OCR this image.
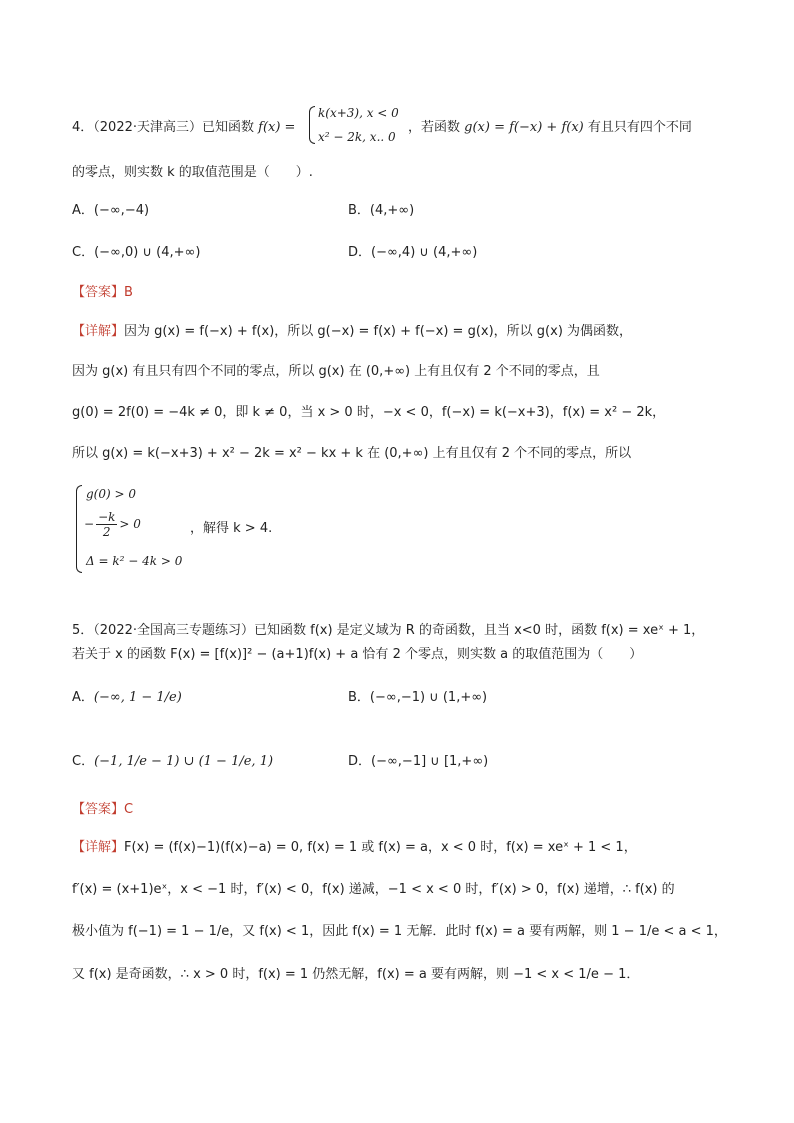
4．（2022·天津高三）已知函数 f(x) =
k(x+3), x < 0
x² − 2k, x.. 0
，若函数 g(x) = f(−x) + f(x) 有且只有四个不同
的零点，则实数 k 的取值范围是（　　）.
A．(−∞,−4)	B．(4,+∞)
C．(−∞,0) ∪ (4,+∞)	D．(−∞,4) ∪ (4,+∞)
【答案】B
【详解】因为 g(x) = f(−x) + f(x)，所以 g(−x) = f(x) + f(−x) = g(x)，所以 g(x) 为偶函数，
因为 g(x) 有且只有四个不同的零点，所以 g(x) 在 (0,+∞) 上有且仅有 2 个不同的零点，且
g(0) = 2f(0) = −4k ≠ 0，即 k ≠ 0，当 x > 0 时，−x < 0，f(−x) = k(−x+3)，f(x) = x² − 2k，
所以 g(x) = k(−x+3) + x² − 2k = x² − kx + k 在 (0,+∞) 上有且仅有 2 个不同的零点，所以
g(0) > 0
− $\frac{-k}{2} > 0$
Δ = k² − 4k > 0
，解得 k > 4.
5．（2022·全国高三专题练习）已知函数 f(x) 是定义域为 R 的奇函数，且当 x<0 时，函数 f(x) = xeˣ + 1，
若关于 x 的函数 F(x) = [f(x)]² − (a+1)f(x) + a 恰有 2 个零点，则实数 a 的取值范围为（　　）
A．(−∞, 1 − 1/e)	B．(−∞,−1) ∪ (1,+∞)
C．(−1, 1/e − 1) ∪ (1 − 1/e, 1)	D．(−∞,−1] ∪ [1,+∞)
【答案】C
【详解】F(x) = (f(x)−1)(f(x)−a) = 0, f(x) = 1 或 f(x) = a，x < 0 时，f(x) = xeˣ + 1 < 1，
f′(x) = (x+1)eˣ，x < −1 时，f′(x) < 0，f(x) 递减，−1 < x < 0 时，f′(x) > 0，f(x) 递增，∴ f(x) 的
极小值为 f(−1) = 1 − 1/e，又 f(x) < 1，因此 f(x) = 1 无解．此时 f(x) = a 要有两解，则 1 − 1/e < a < 1，
又 f(x) 是奇函数，∴ x > 0 时，f(x) = 1 仍然无解，f(x) = a 要有两解，则 −1 < x < 1/e − 1．
